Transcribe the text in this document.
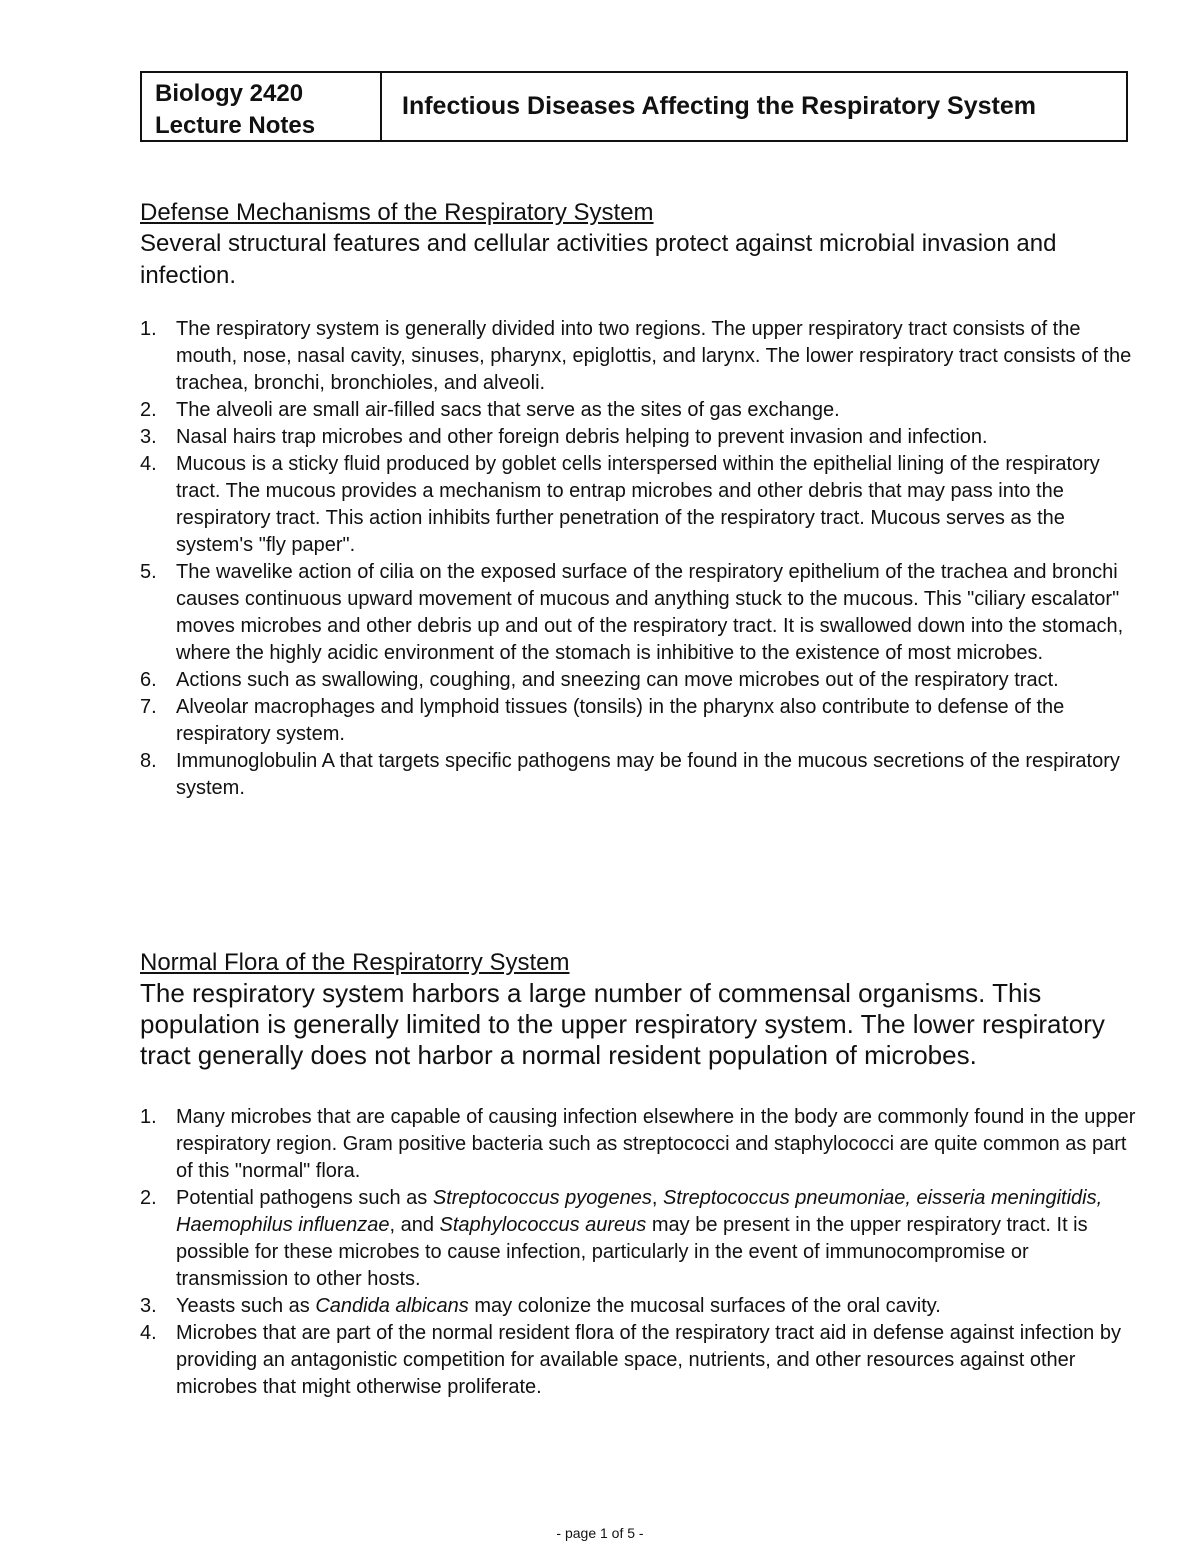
Biology 2420
Lecture Notes
Infectious Diseases Affecting the Respiratory System
Defense Mechanisms of the Respiratory System
Several structural features and cellular activities protect against microbial invasion and infection.
1. The respiratory system is generally divided into two regions. The upper respiratory tract consists of the mouth, nose, nasal cavity, sinuses, pharynx, epiglottis, and larynx. The lower respiratory tract consists of the trachea, bronchi, bronchioles, and alveoli.
2. The alveoli are small air-filled sacs that serve as the sites of gas exchange.
3. Nasal hairs trap microbes and other foreign debris helping to prevent invasion and infection.
4. Mucous is a sticky fluid produced by goblet cells interspersed within the epithelial lining of the respiratory tract. The mucous provides a mechanism to entrap microbes and other debris that may pass into the respiratory tract. This action inhibits further penetration of the respiratory tract. Mucous serves as the system's "fly paper".
5. The wavelike action of cilia on the exposed surface of the respiratory epithelium of the trachea and bronchi causes continuous upward movement of mucous and anything stuck to the mucous. This "ciliary escalator" moves microbes and other debris up and out of the respiratory tract. It is swallowed down into the stomach, where the highly acidic environment of the stomach is inhibitive to the existence of most microbes.
6. Actions such as swallowing, coughing, and sneezing can move microbes out of the respiratory tract.
7. Alveolar macrophages and lymphoid tissues (tonsils) in the pharynx also contribute to defense of the respiratory system.
8. Immunoglobulin A that targets specific pathogens may be found in the mucous secretions of the respiratory system.
Normal Flora of the Respiratorry System
The respiratory system harbors a large number of commensal organisms. This population is generally limited to the upper respiratory system. The lower respiratory tract generally does not harbor a normal resident population of microbes.
1. Many microbes that are capable of causing infection elsewhere in the body are commonly found in the upper respiratory region. Gram positive bacteria such as streptococci and staphylococci are quite common as part of this "normal" flora.
2. Potential pathogens such as Streptococcus pyogenes, Streptococcus pneumoniae, eisseria meningitidis, Haemophilus influenzae, and Staphylococcus aureus may be present in the upper respiratory tract. It is possible for these microbes to cause infection, particularly in the event of immunocompromise or transmission to other hosts.
3. Yeasts such as Candida albicans may colonize the mucosal surfaces of the oral cavity.
4. Microbes that are part of the normal resident flora of the respiratory tract aid in defense against infection by providing an antagonistic competition for available space, nutrients, and other resources against other microbes that might otherwise proliferate.
- page 1 of 5 -
